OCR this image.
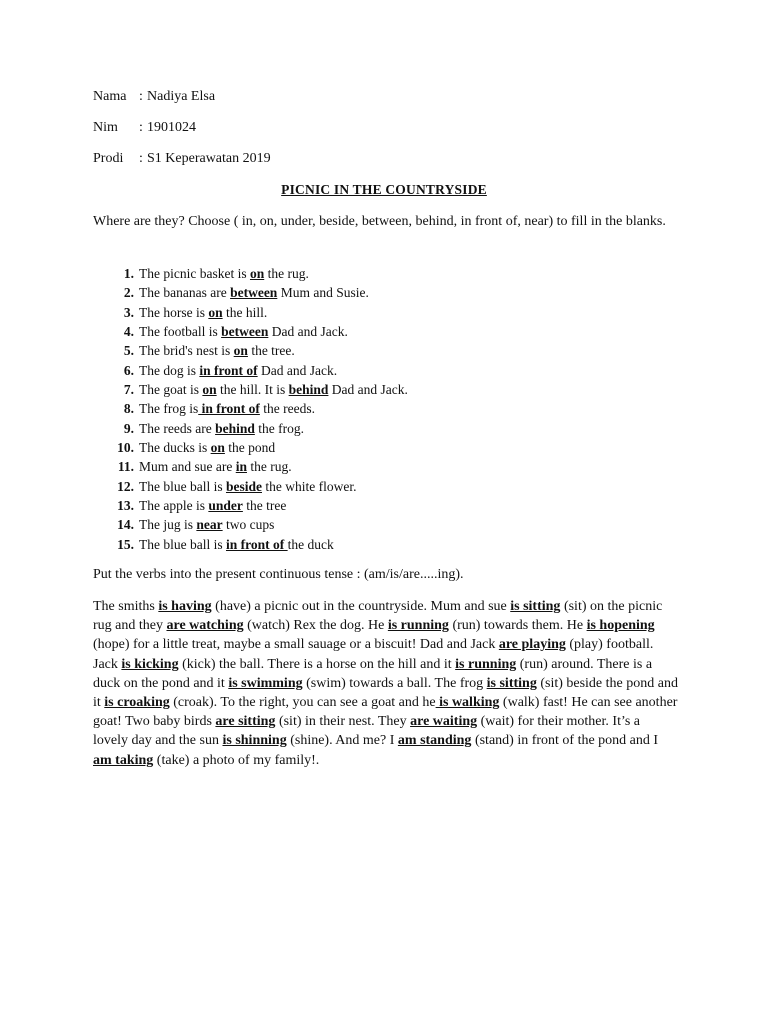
Nama : Nadiya Elsa
Nim : 1901024
Prodi : S1 Keperawatan 2019
PICNIC IN THE COUNTRYSIDE
Where are they? Choose ( in, on, under, beside, between, behind, in front of, near) to fill in the blanks.
1. The picnic basket is on the rug.
2. The bananas are between Mum and Susie.
3. The horse is on the hill.
4. The football is between Dad and Jack.
5. The brid's nest is on the tree.
6. The dog is in front of Dad and Jack.
7. The goat is on the hill. It is behind Dad and Jack.
8. The frog is in front of the reeds.
9. The reeds are behind the frog.
10. The ducks is on the pond
11. Mum and sue are in the rug.
12. The blue ball is beside the white flower.
13. The apple is under the tree
14. The jug is near two cups
15. The blue ball is in front of the duck
Put the verbs into the present continuous tense : (am/is/are.....ing).
The smiths is having (have) a picnic out in the countryside. Mum and sue is sitting (sit) on the picnic rug and they are watching (watch) Rex the dog. He is running (run) towards them. He is hopening (hope) for a little treat, maybe a small sauage or a biscuit! Dad and Jack are playing (play) football. Jack is kicking (kick) the ball. There is a horse on the hill and it is running (run) around. There is a duck on the pond and it is swimming (swim) towards a ball. The frog is sitting (sit) beside the pond and it is croaking (croak). To the right, you can see a goat and he is walking (walk) fast! He can see another goat! Two baby birds are sitting (sit) in their nest. They are waiting (wait) for their mother. It’s a lovely day and the sun is shinning (shine). And me? I am standing (stand) in front of the pond and I am taking (take) a photo of my family!.
